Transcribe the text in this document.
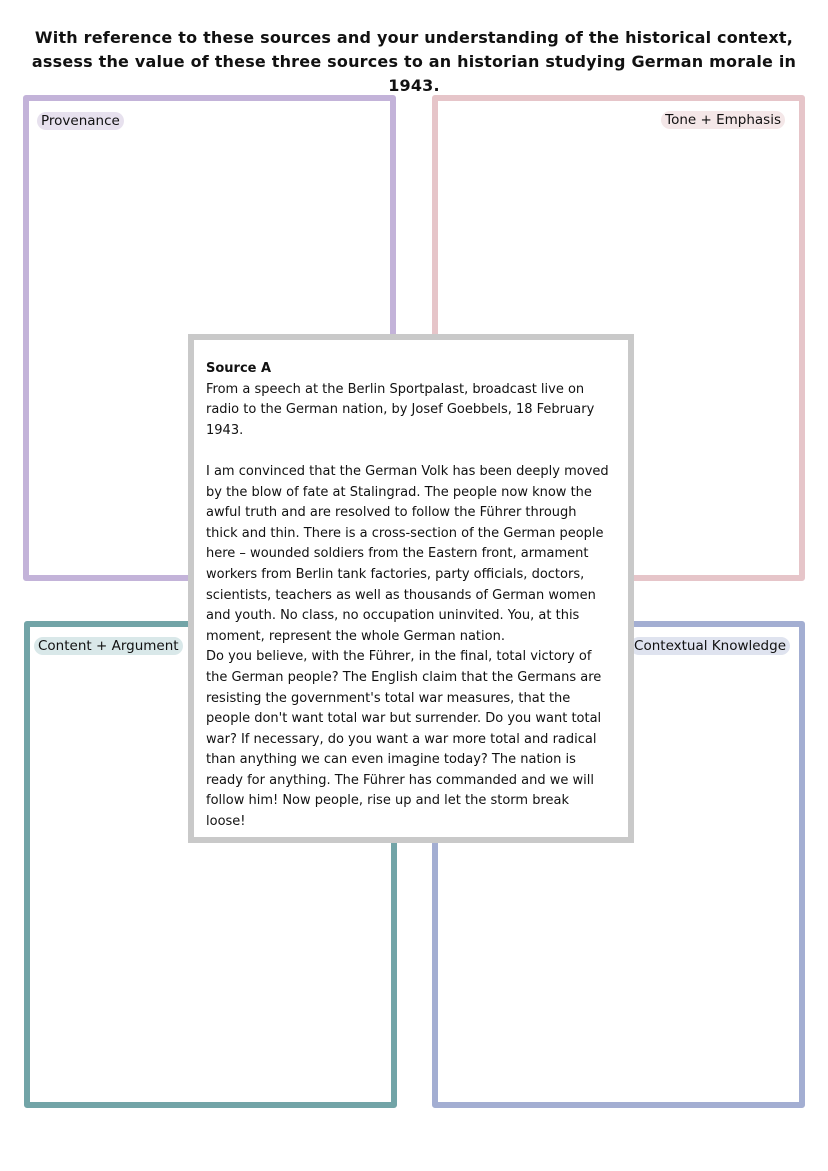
With reference to these sources and your understanding of the historical context, assess the value of these three sources to an historian studying German morale in 1943.
Provenance	Tone + Emphasis
Content + Argument	Contextual Knowledge

Source A

From a speech at the Berlin Sportpalast, broadcast live on radio to the German nation, by Josef Goebbels, 18 February 1943.

I am convinced that the German Volk has been deeply moved by the blow of fate at Stalingrad. The people now know the awful truth and are resolved to follow the Führer through thick and thin. There is a cross-section of the German people here – wounded soldiers from the Eastern front, armament workers from Berlin tank factories, party officials, doctors, scientists, teachers as well as thousands of German women and youth. No class, no occupation uninvited. You, at this moment, represent the whole German nation.

Do you believe, with the Führer, in the final, total victory of the German people? The English claim that the Germans are resisting the government's total war measures, that the people don't want total war but surrender. Do you want total war? If necessary, do you want a war more total and radical than anything we can even imagine today? The nation is ready for anything. The Führer has commanded and we will follow him! Now people, rise up and let the storm break loose!
